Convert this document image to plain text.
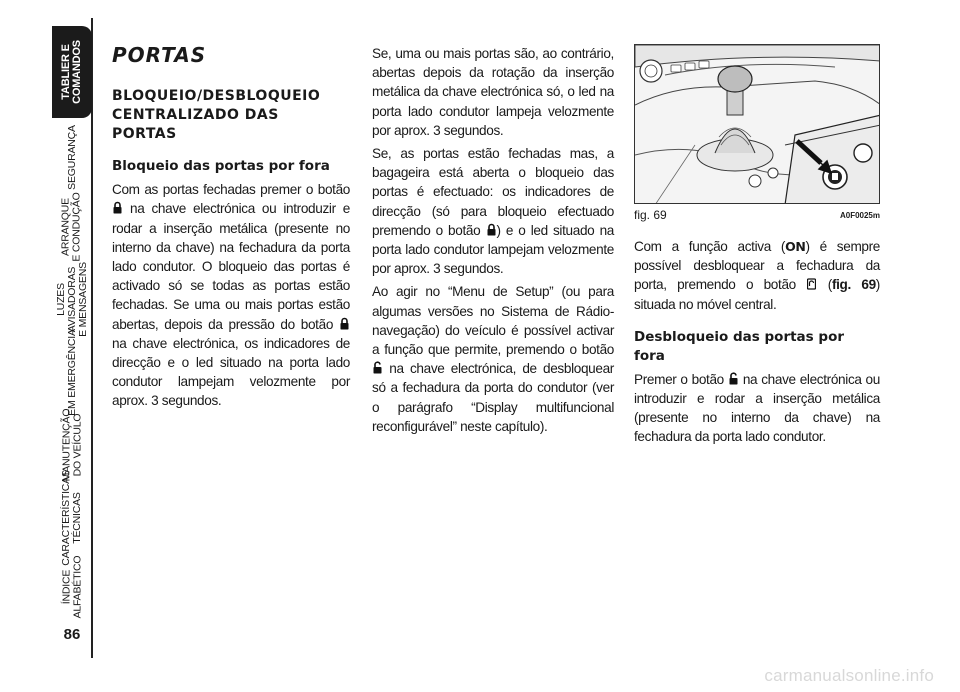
TABLIER E COMANDOS
SEGURANÇA
ARRANQUE E CONDUÇÃO
LUZES AVISADORAS E MENSAGENS
EM EMERGÊNCIA
MANUTENÇÃO DO VEÍCULO
CARACTERÍSTICAS TÉCNICAS
ÍNDICE ALFABÉTICO
86
PORTAS
BLOQUEIO/DESBLOQUEIO
CENTRALIZADO DAS
PORTAS
Bloqueio das portas por fora

Com as portas fechadas premer o botão  na chave electrónica ou introduzir e rodar a inserção metálica (presente no interno da chave) na fechadura da porta lado condutor. O bloqueio das portas é activado só se todas as portas estão fechadas. Se uma ou mais portas estão abertas, depois da pressão do botão  na chave electrónica, os indicadores de direcção e o led situado na porta lado condutor lampejam velozmente por aprox. 3 segundos.

Se, uma ou mais portas são, ao contrário, abertas depois da rotação da inserção metálica da chave electrónica só, o led na porta lado condutor lampeja velozmente por aprox. 3 segundos.

Se, as portas estão fechadas mas, a bagageira está aberta o bloqueio das portas é efectuado: os indicadores de direcção (só para bloqueio efectuado premendo o botão ) e o led situado na porta lado condutor lampejam velozmente por aprox. 3 segundos.

Ao agir no “Menu de Setup” (ou para algumas versões no Sistema de Rádio-navegação) do veículo é possível activar a função que permite, premendo o botão  na chave electrónica, de desbloquear só a fechadura da porta do condutor (ver o parágrafo “Display multifuncional reconfigurável” neste capítulo).

fig. 69	A0F0025m

Com a função activa (ON) é sempre possível desbloquear a fechadura da porta, premendo o botão (fig. 69) situada no móvel central.

Desbloqueio das portas por
fora

Premer o botão na chave electrónica ou introduzir e rodar a inserção metálica (presente no interno da chave) na fechadura da porta lado condutor.

carmanualsonline.info
